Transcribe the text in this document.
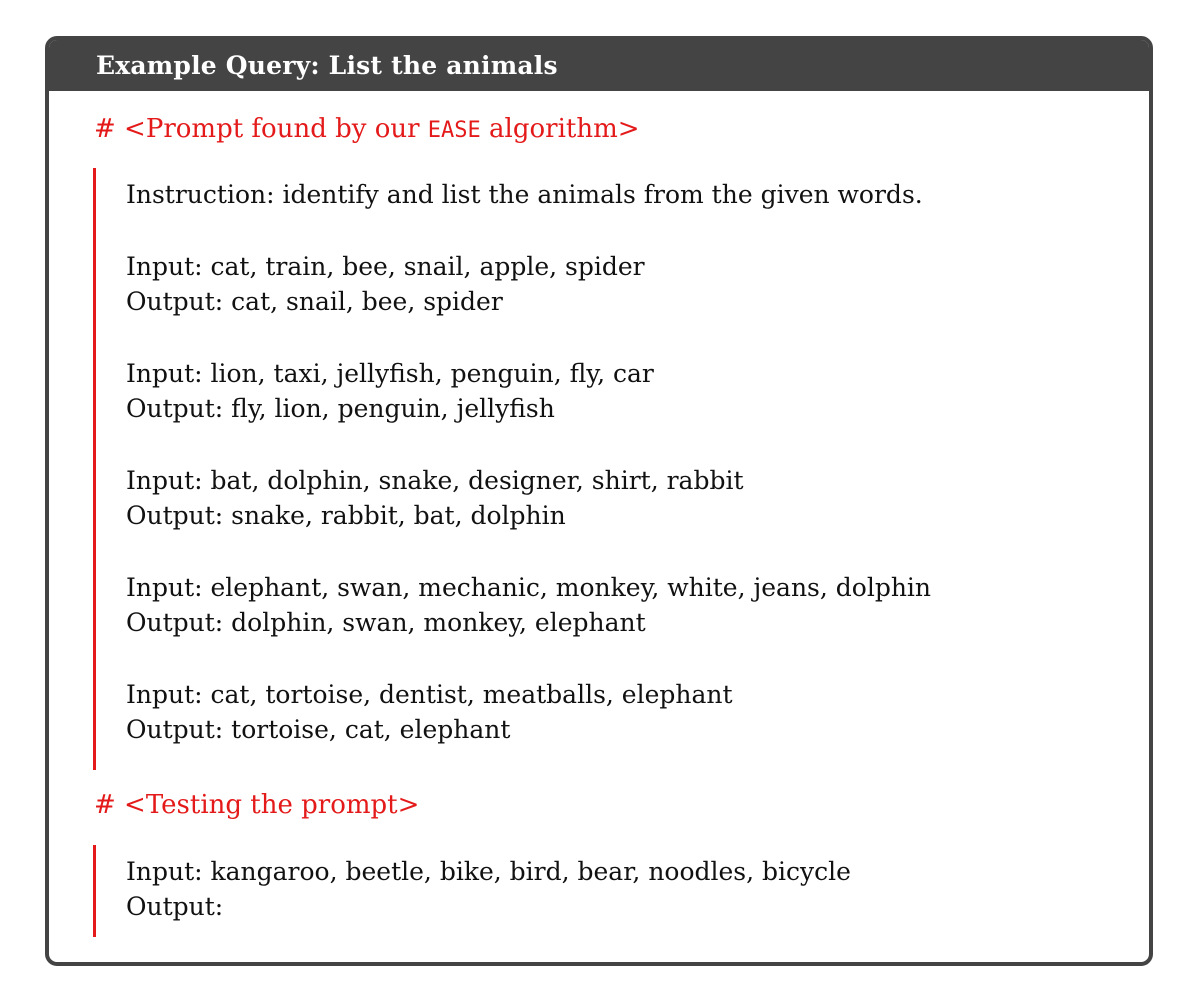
Example Query: List the animals
# <Prompt found by our EASE algorithm>
Instruction: identify and list the animals from the given words.
Input: cat, train, bee, snail, apple, spider
Output: cat, snail, bee, spider
Input: lion, taxi, jellyfish, penguin, fly, car
Output: fly, lion, penguin, jellyfish
Input: bat, dolphin, snake, designer, shirt, rabbit
Output: snake, rabbit, bat, dolphin
Input: elephant, swan, mechanic, monkey, white, jeans, dolphin
Output: dolphin, swan, monkey, elephant
Input: cat, tortoise, dentist, meatballs, elephant
Output: tortoise, cat, elephant
# <Testing the prompt>
Input: kangaroo, beetle, bike, bird, bear, noodles, bicycle
Output:
